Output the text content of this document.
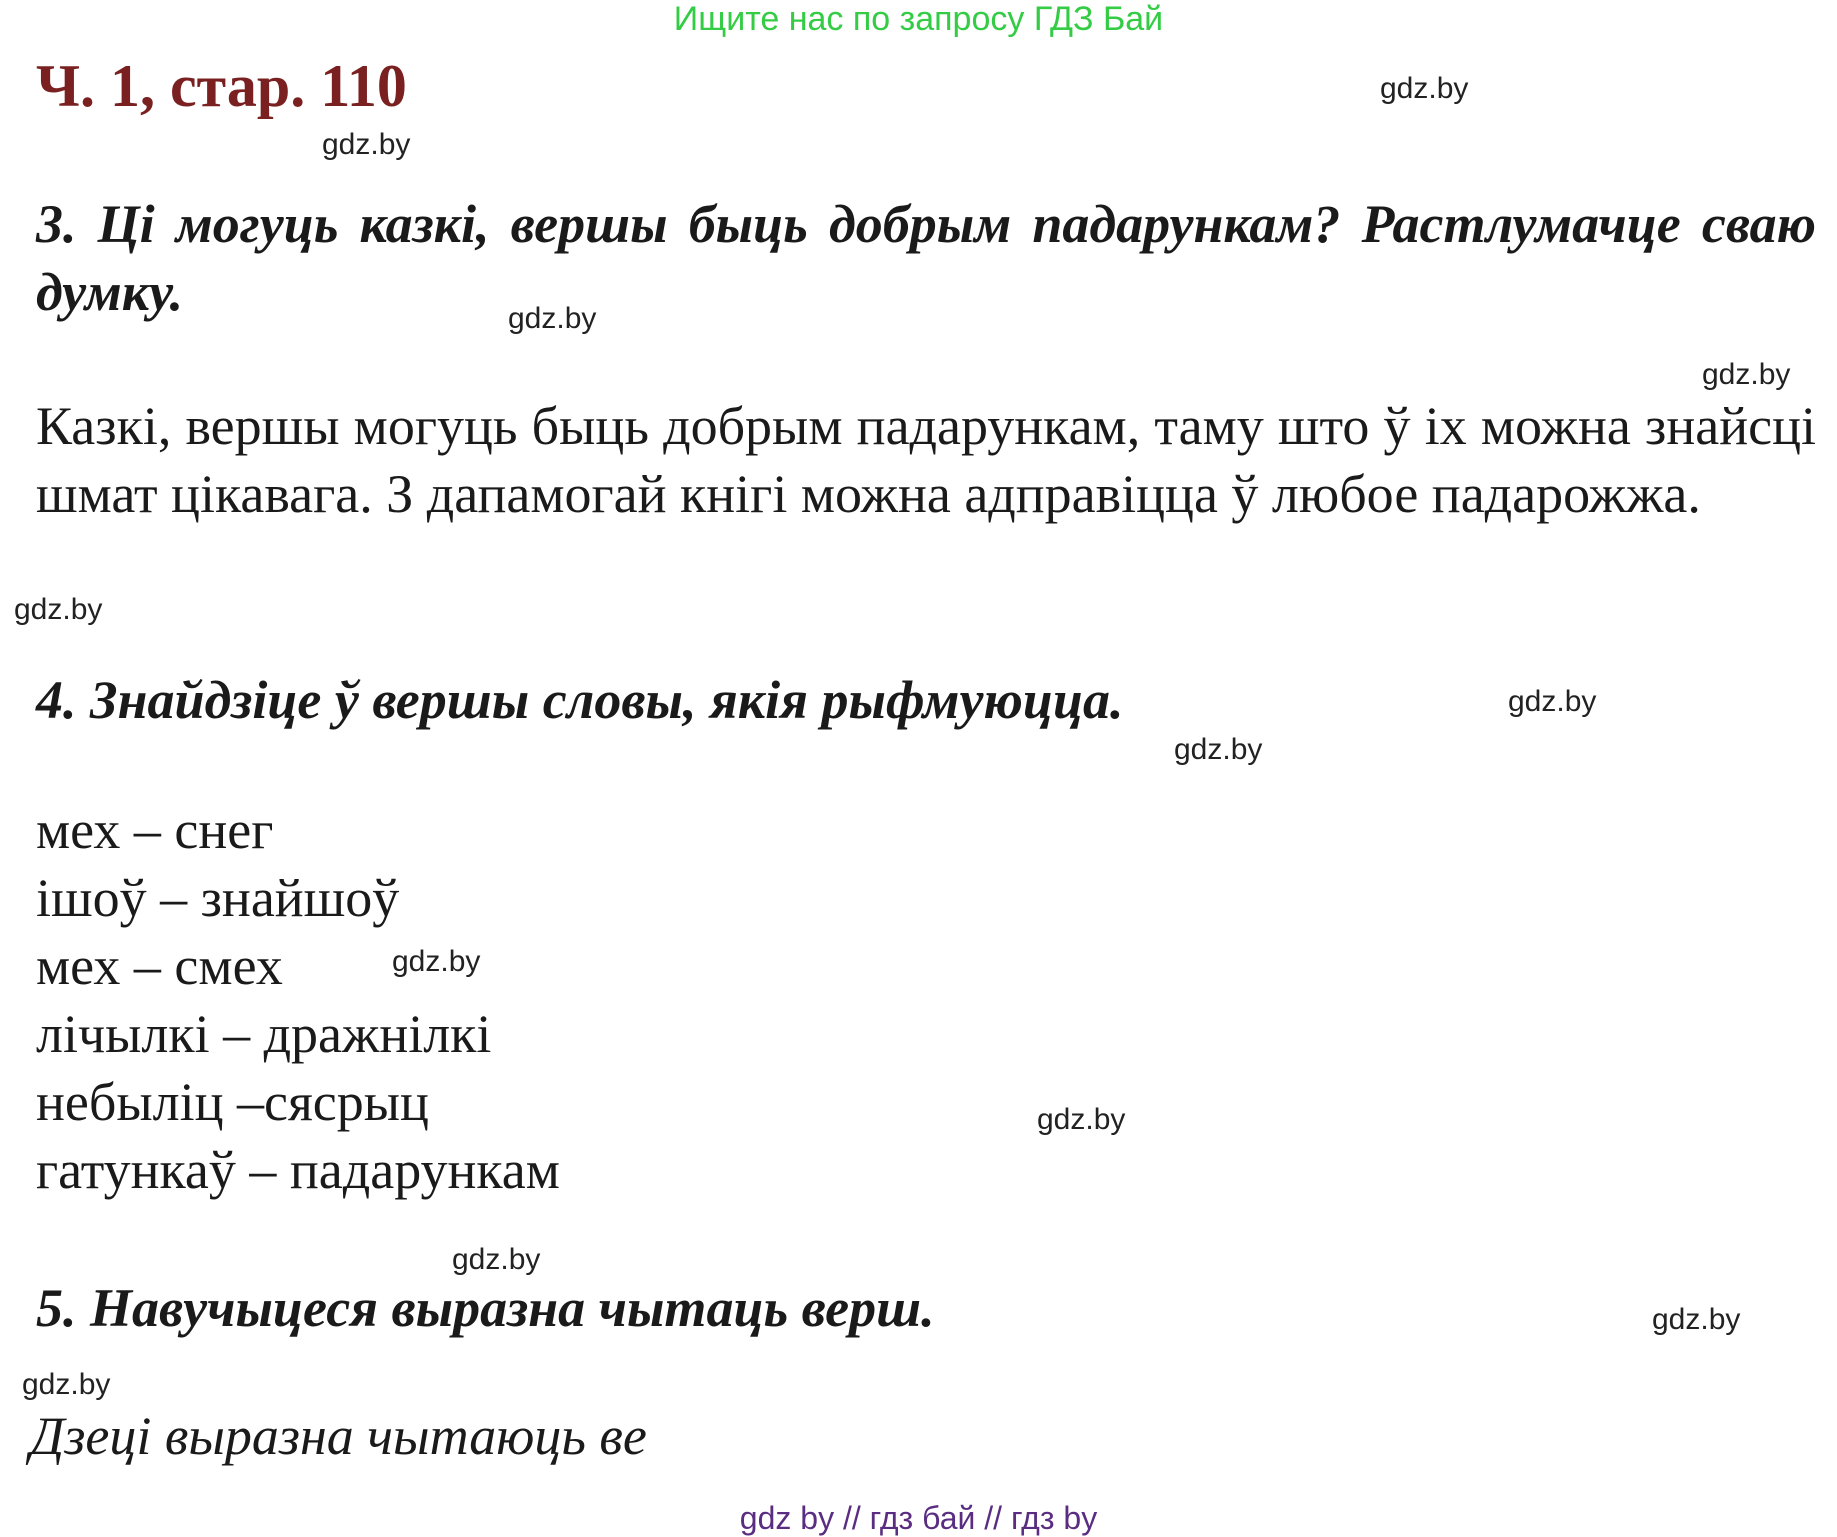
Ищите нас по запросу ГДЗ Бай
Ч. 1, стар. 110	gdz.by
gdz.by
gdz.by
gdz.by
gdz.by
gdz.by
gdz.by
gdz.by
gdz.by
gdz.by
gdz.by
gdz.by
3. Ці могуць казкі, вершы быць добрым падарункам? Растлумачце сваю думку.
Казкі, вершы могуць быць добрым падарункам, таму што ў іх можна знайсці шмат цікавага. З дапамогай кнігі можна адправіцца ў любое падарожжа.
4. Знайдзіце ў вершы словы, якія рыфмуюцца.
мех – снег
ішоў – знайшоў
мех – смех
лічылкі – дражнілкі
небыліц –сясрыц
гатункаў – падарункам
5. Навучыцеся выразна чытаць верш.
Дзеці выразна чытаюць ве
gdz by // гдз бай // гдз by
